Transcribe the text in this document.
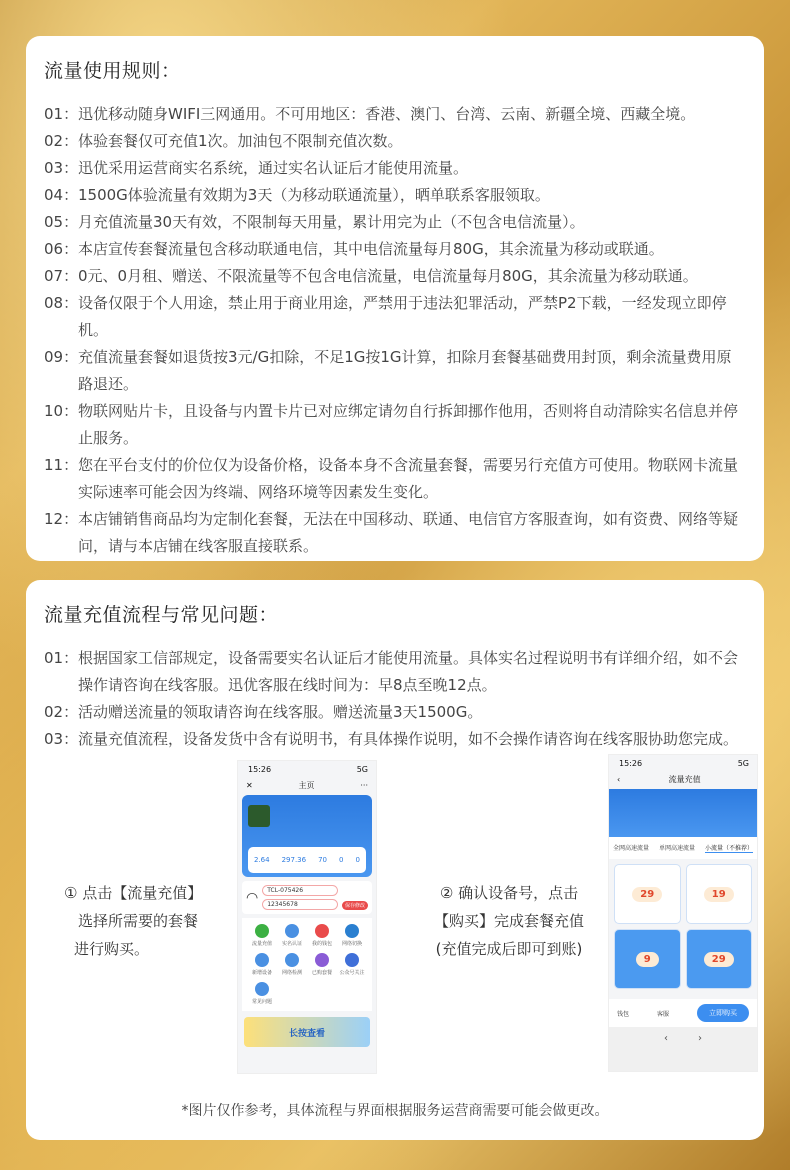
流量使用规则：
01： 迅优移动随身WIFI三网通用。不可用地区：香港、澳门、台湾、云南、新疆全境、西藏全境。
02： 体验套餐仅可充值1次。加油包不限制充值次数。
03： 迅优采用运营商实名系统，通过实名认证后才能使用流量。
04： 1500G体验流量有效期为3天（为移动联通流量），晒单联系客服领取。
05： 月充值流量30天有效，不限制每天用量，累计用完为止（不包含电信流量）。
06： 本店宣传套餐流量包含移动联通电信，其中电信流量每月80G，其余流量为移动或联通。
07： 0元、0月租、赠送、不限流量等不包含电信流量，电信流量每月80G，其余流量为移动联通。
08： 设备仅限于个人用途，禁止用于商业用途，严禁用于违法犯罪活动，严禁P2下载，一经发现立即停机。
09： 充值流量套餐如退货按3元/G扣除，不足1G按1G计算，扣除月套餐基础费用封顶，剩余流量费用原路退还。
10： 物联网贴片卡，且设备与内置卡片已对应绑定请勿自行拆卸挪作他用，否则将自动清除实名信息并停止服务。
11： 您在平台支付的价位仅为设备价格，设备本身不含流量套餐，需要另行充值方可使用。物联网卡流量实际速率可能会因为终端、网络环境等因素发生变化。
12： 本店铺销售商品均为定制化套餐，无法在中国移动、联通、电信官方客服查询，如有资费、网络等疑问，请与本店铺在线客服直接联系。
流量充值流程与常见问题：
01： 根据国家工信部规定，设备需要实名认证后才能使用流量。具体实名过程说明书有详细介绍，如不会操作请咨询在线客服。迅优客服在线时间为：早8点至晚12点。
02： 活动赠送流量的领取请咨询在线客服。赠送流量3天1500G。
03： 流量充值流程，设备发货中含有说明书，有具体操作说明，如不会操作请咨询在线客服协助您完成。
① 点击【流量充值】
选择所需要的套餐
进行购买。
15:26	5G
✕	主页	···
2.64 297.36 70 0 0
◠	TCL-075426
12345678	保存修改
流量充值 实名认证 我的钱包 网络切换
新增设备 网络检测 已购套餐 公众号关注
常见问题
长按查看
② 确认设备号，点击
【购买】完成套餐充值
(充值完成后即可到账)
15:26	5G
‹	流量充值
全网高速流量 单网高速流量 小流量（不推荐）
29	19
9	29
钱包	客服	立即购买
‹	›
*图片仅作参考，具体流程与界面根据服务运营商需要可能会做更改。
